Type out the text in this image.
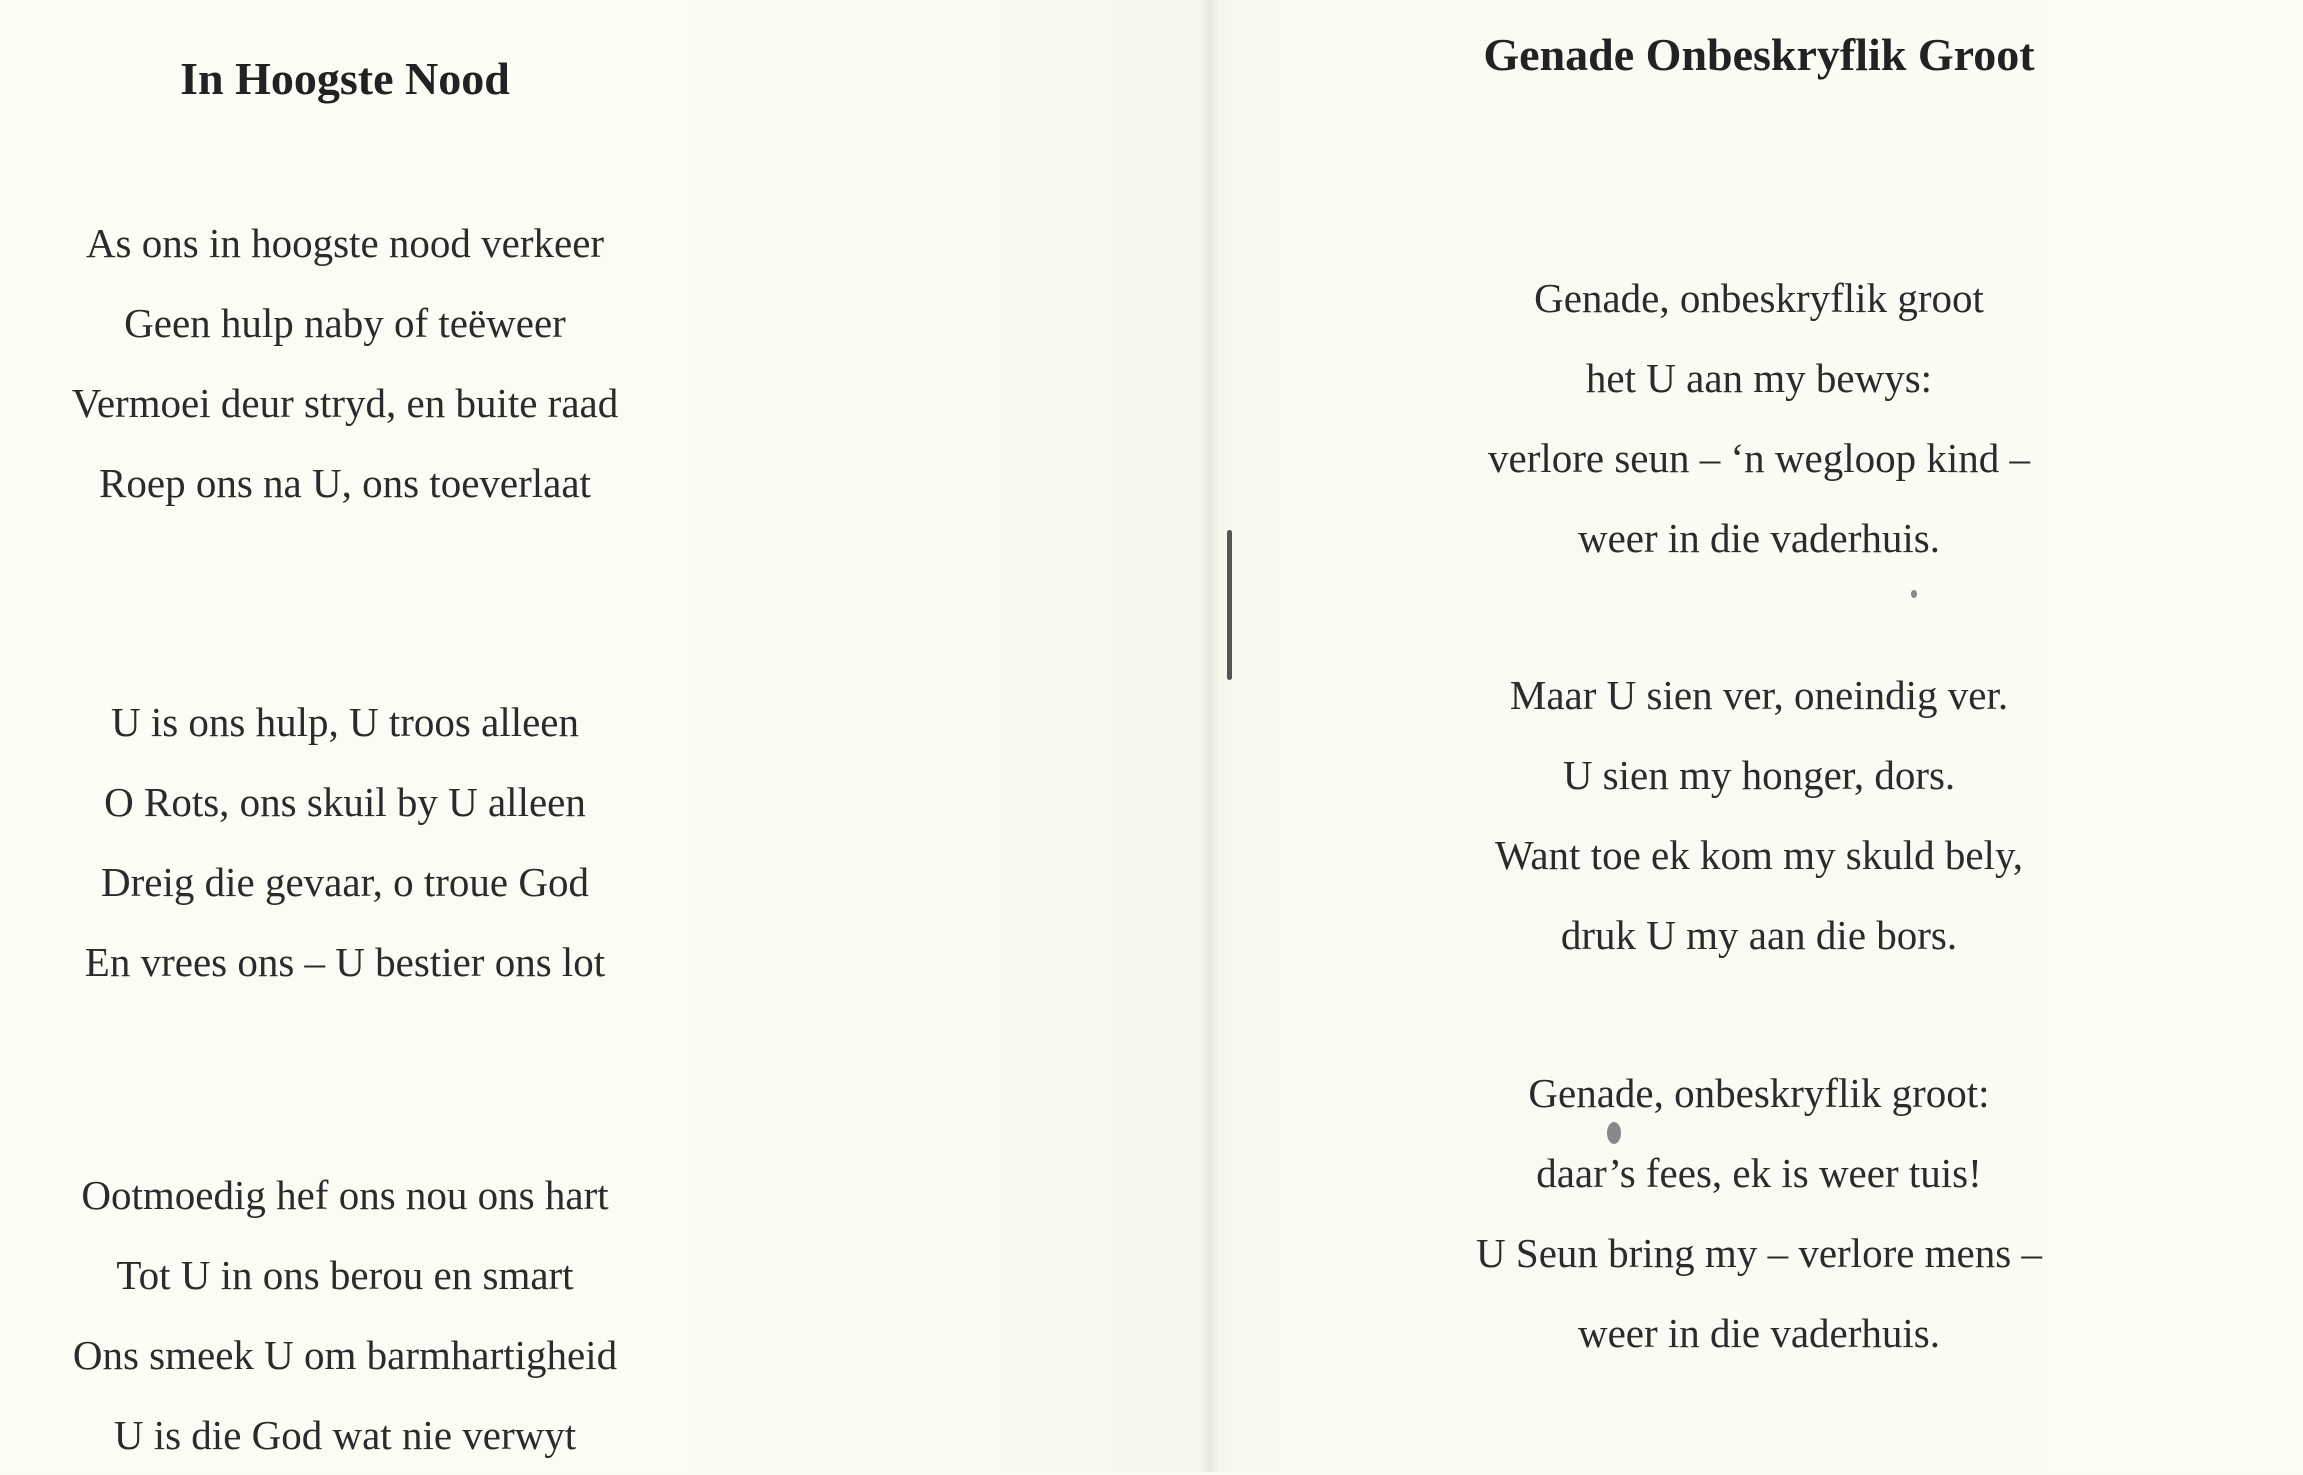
In Hoogste Nood
As ons in hoogste nood verkeer
Geen hulp naby of teëweer
Vermoei deur stryd, en buite raad
Roep ons na U, ons toeverlaat
U is ons hulp, U troos alleen
O Rots, ons skuil by U alleen
Dreig die gevaar, o troue God
En vrees ons – U bestier ons lot
Ootmoedig hef ons nou ons hart
Tot U in ons berou en smart
Ons smeek U om barmhartigheid
U is die God wat nie verwyt
Genade Onbeskryflik Groot
Genade, onbeskryflik groot
het U aan my bewys:
verlore seun – ‘n wegloop kind –
weer in die vaderhuis.
Maar U sien ver, oneindig ver.
U sien my honger, dors.
Want toe ek kom my skuld bely,
druk U my aan die bors.
Genade, onbeskryflik groot:
daar’s fees, ek is weer tuis!
U Seun bring my – verlore mens –
weer in die vaderhuis.
